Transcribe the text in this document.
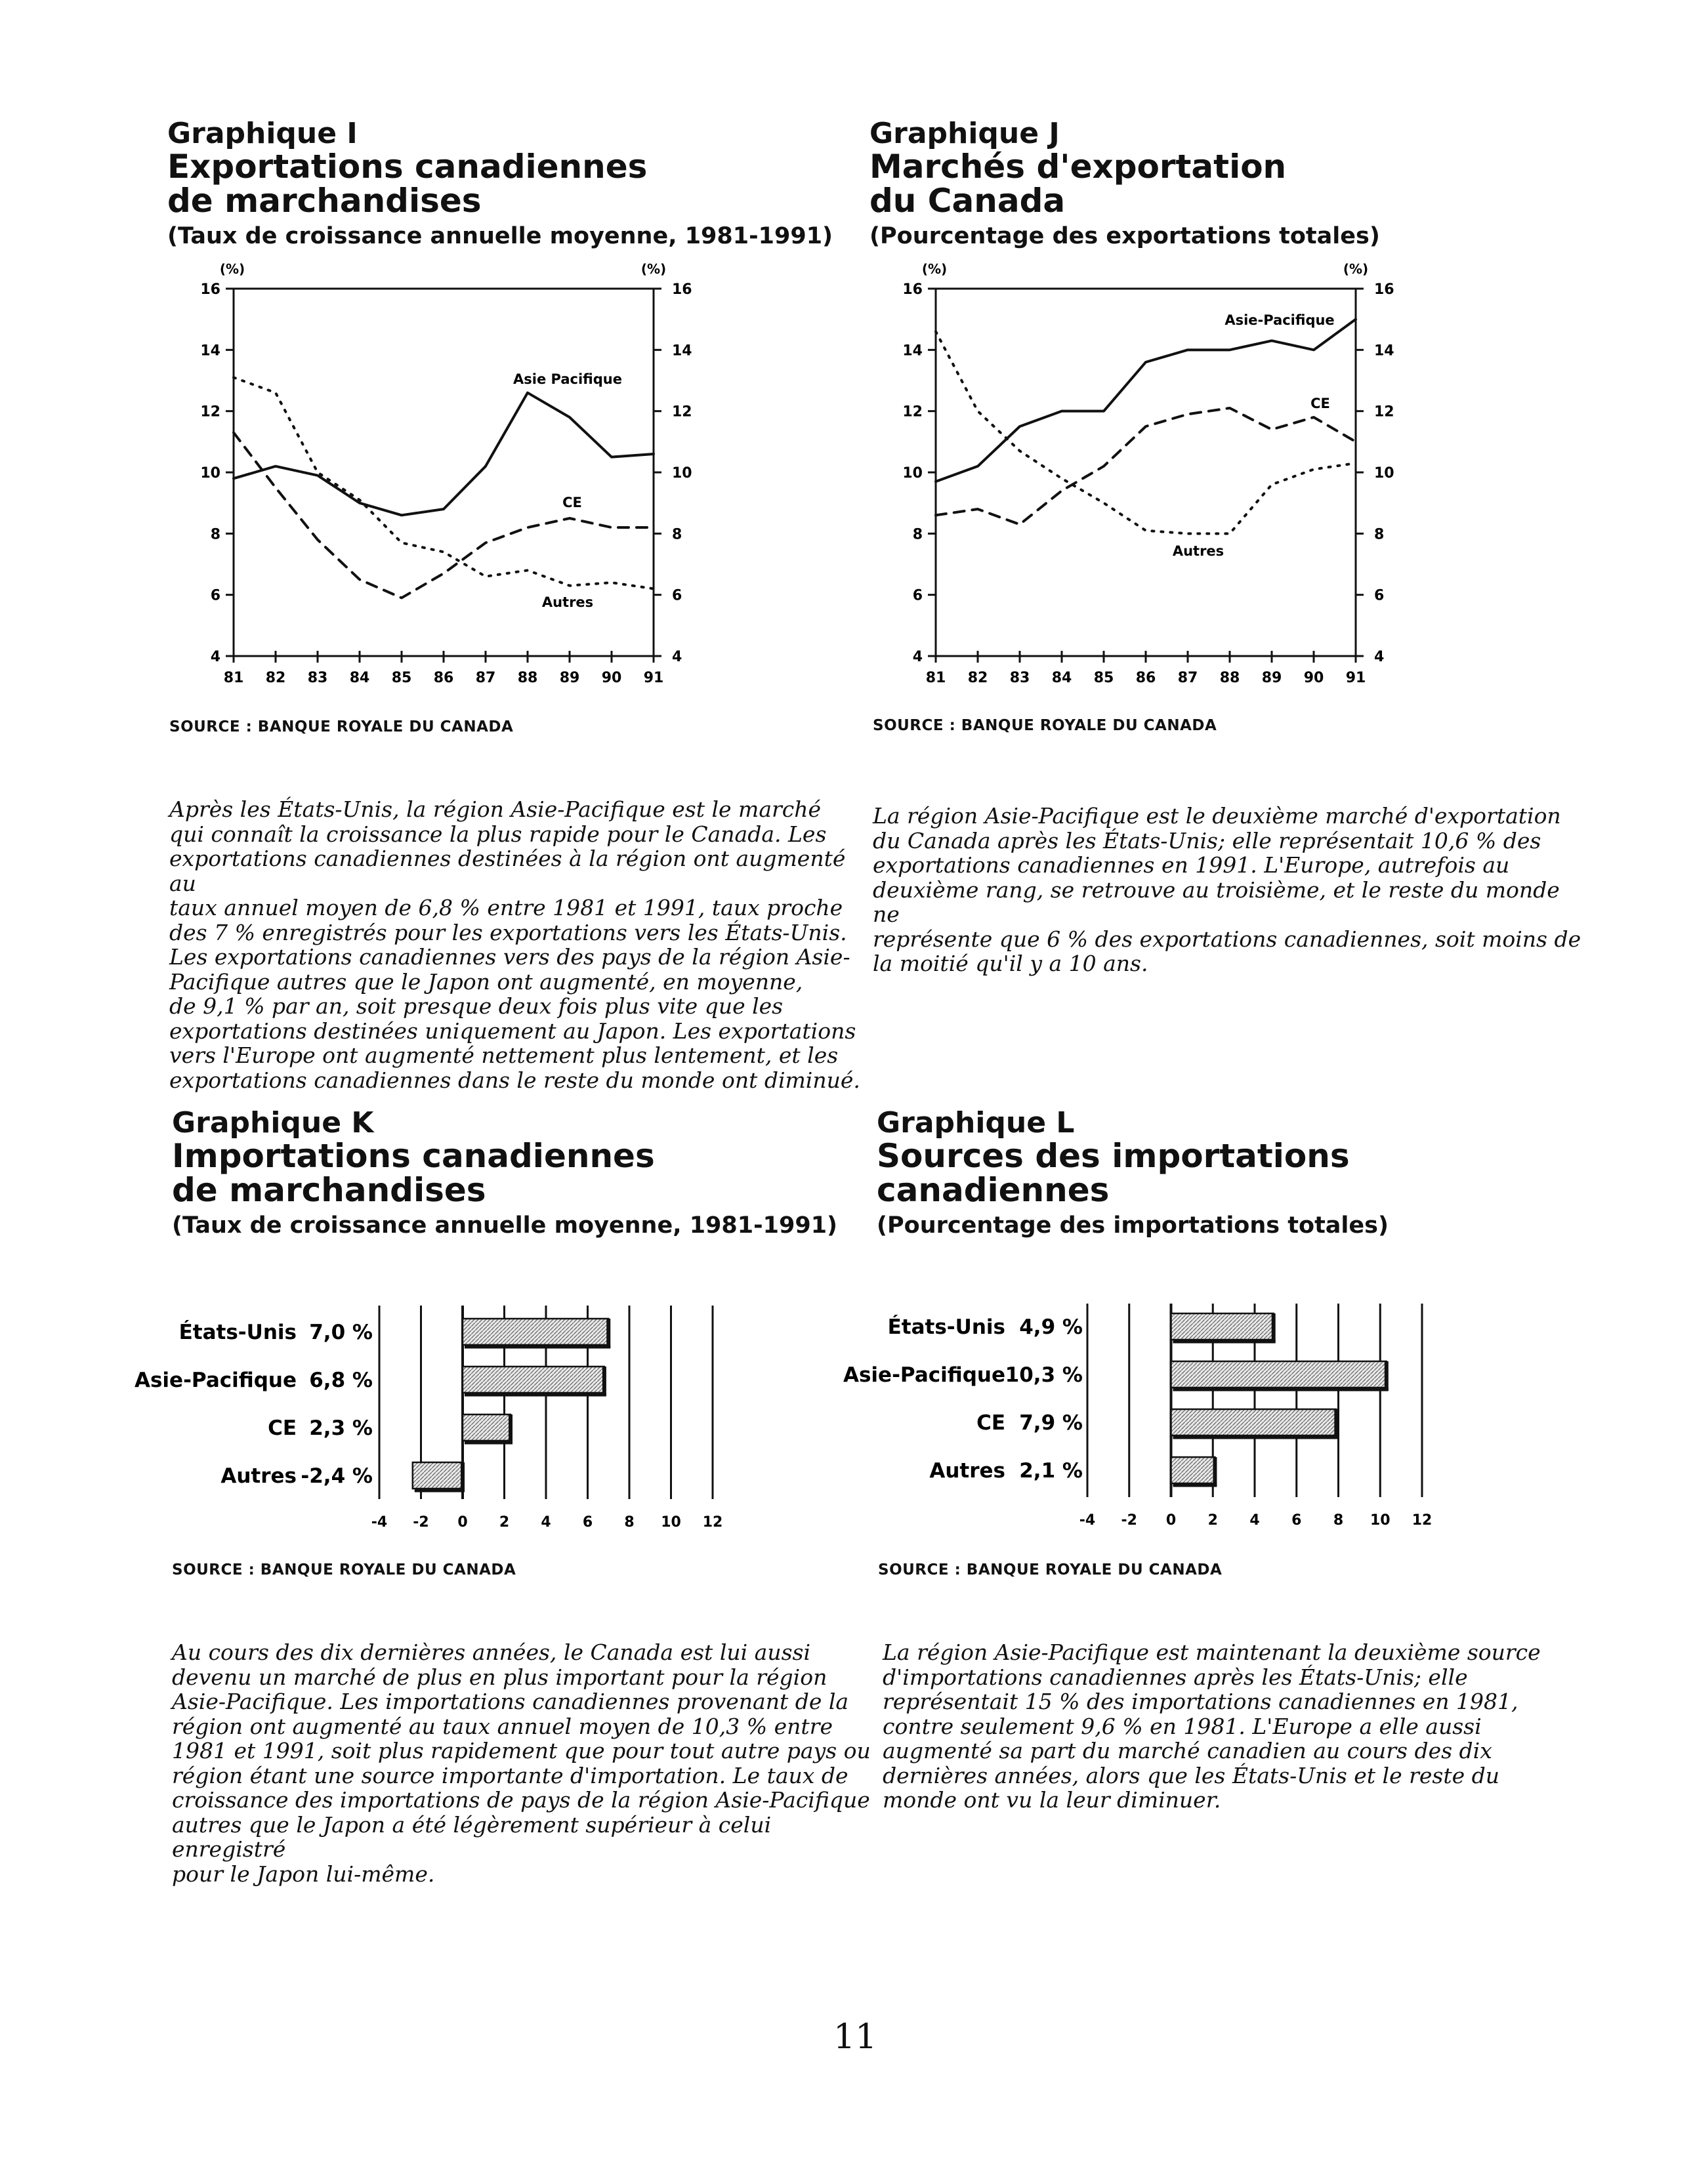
Graphique I
Exportations canadiennes
de marchandises
(Taux de croissance annuelle moyenne, 1981-1991)
(%)	(%)
Asie Pacifique
CE
Autres
4	4
6	6
8	8
10	10
12	12
14	14
16	16
81 82 83 84 85 86 87 88 89 90 91
SOURCE : BANQUE ROYALE DU CANADA
Graphique J
Marchés d'exportation
du Canada
(Pourcentage des exportations totales)
(%)	(%)
Asie-Pacifique
CE
Autres
4	4
6	6
8	8
10	10
12	12
14	14
16	16
81 82 83 84 85 86 87 88 89 90 91
SOURCE : BANQUE ROYALE DU CANADA
Après les États-Unis, la région Asie-Pacifique est le marché
qui connaît la croissance la plus rapide pour le Canada. Les
exportations canadiennes destinées à la région ont augmenté au
taux annuel moyen de 6,8 % entre 1981 et 1991, taux proche
des 7 % enregistrés pour les exportations vers les États-Unis.
Les exportations canadiennes vers des pays de la région Asie-
Pacifique autres que le Japon ont augmenté, en moyenne,
de 9,1 % par an, soit presque deux fois plus vite que les
exportations destinées uniquement au Japon. Les exportations
vers l'Europe ont augmenté nettement plus lentement, et les
exportations canadiennes dans le reste du monde ont diminué.
La région Asie-Pacifique est le deuxième marché d'exportation
du Canada après les États-Unis; elle représentait 10,6 % des
exportations canadiennes en 1991. L'Europe, autrefois au
deuxième rang, se retrouve au troisième, et le reste du monde ne
représente que 6 % des exportations canadiennes, soit moins de
la moitié qu'il y a 10 ans.
Graphique K
Importations canadiennes
de marchandises
(Taux de croissance annuelle moyenne, 1981-1991)
-4 -2 0 2 4 6 8 10 12
États-Unis 7,0 %
Asie-Pacifique 6,8 %
CE 2,3 %
Autres -2,4 %
SOURCE : BANQUE ROYALE DU CANADA
Graphique L
Sources des importations
canadiennes
(Pourcentage des importations totales)
-4 -2 0 2 4 6 8 10 12
États-Unis 4,9 %
Asie-Pacifique 10,3 %
CE 7,9 %
Autres 2,1 %
SOURCE : BANQUE ROYALE DU CANADA
Au cours des dix dernières années, le Canada est lui aussi
devenu un marché de plus en plus important pour la région
Asie-Pacifique. Les importations canadiennes provenant de la
région ont augmenté au taux annuel moyen de 10,3 % entre
1981 et 1991, soit plus rapidement que pour tout autre pays ou
région étant une source importante d'importation. Le taux de
croissance des importations de pays de la région Asie-Pacifique
autres que le Japon a été légèrement supérieur à celui enregistré
pour le Japon lui-même.
La région Asie-Pacifique est maintenant la deuxième source
d'importations canadiennes après les États-Unis; elle
représentait 15 % des importations canadiennes en 1981,
contre seulement 9,6 % en 1981. L'Europe a elle aussi
augmenté sa part du marché canadien au cours des dix
dernières années, alors que les États-Unis et le reste du
monde ont vu la leur diminuer.
11
